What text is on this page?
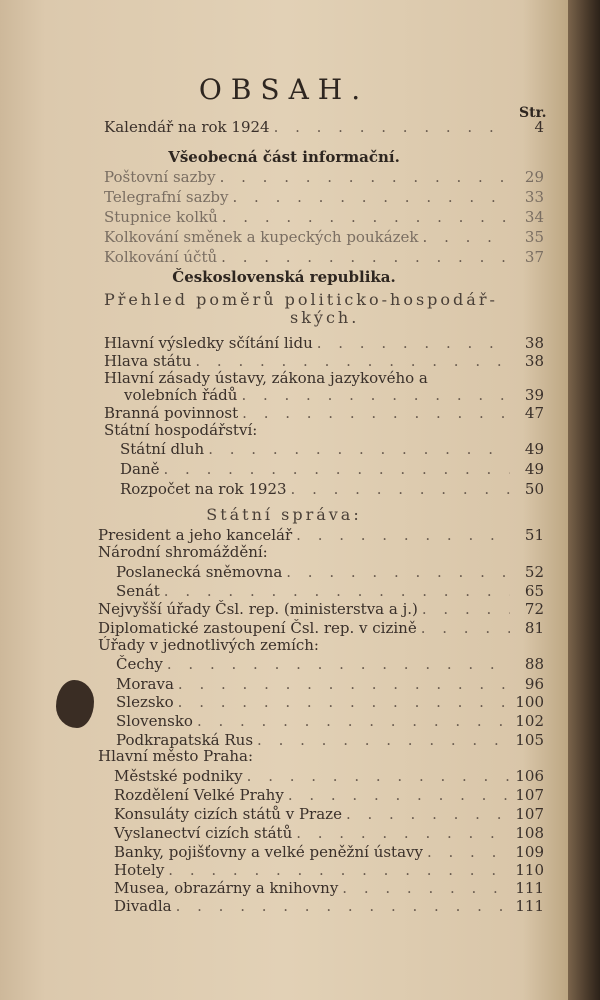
OBSAH.
Str.
Kalendář na rok 1924 . . .	4
Všeobecná část informační.
Poštovní sazby . . .	29
Telegrafní sazby . . .	33
Stupnice kolků . . .	34
Kolkování směnek a kupeckých poukázek . . .	35
Kolkování účtů . . .	37
Československá republika.
Přehled poměrů politicko-hospodář-
ských.
Hlavní výsledky sčítání lidu . . .	38
Hlava státu . . .	38
Hlavní zásady ústavy, zákona jazykového a
volebních řádů . . .	39
Branná povinnost . . .	47
Státní hospodářství:
Státní dluh . . .	49
Daně . . .	49
Rozpočet na rok 1923 . . .	50
Státní správa:
President a jeho kancelář . . .	51
Národní shromáždění:
Poslanecká sněmovna . . .	52
Senát . . .	65
Nejvyšší úřady Čsl. rep. (ministerstva a j.) . . .	72
Diplomatické zastoupení Čsl. rep. v cizině . . .	81
Úřady v jednotlivých zemích:
Čechy . . .	88
Morava . . .	96
Slezsko . . .	100
Slovensko . . .	102
Podkrapatská Rus . . .	105
Hlavní město Praha:
Městské podniky . . .	106
Rozdělení Velké Prahy . . .	107
Konsuláty cizích států v Praze . . .	107
Vyslanectví cizích států . . .	108
Banky, pojišťovny a velké peněžní ústavy . . .	109
Hotely . . .	110
Musea, obrazárny a knihovny . . .	111
Divadla . . .	111
